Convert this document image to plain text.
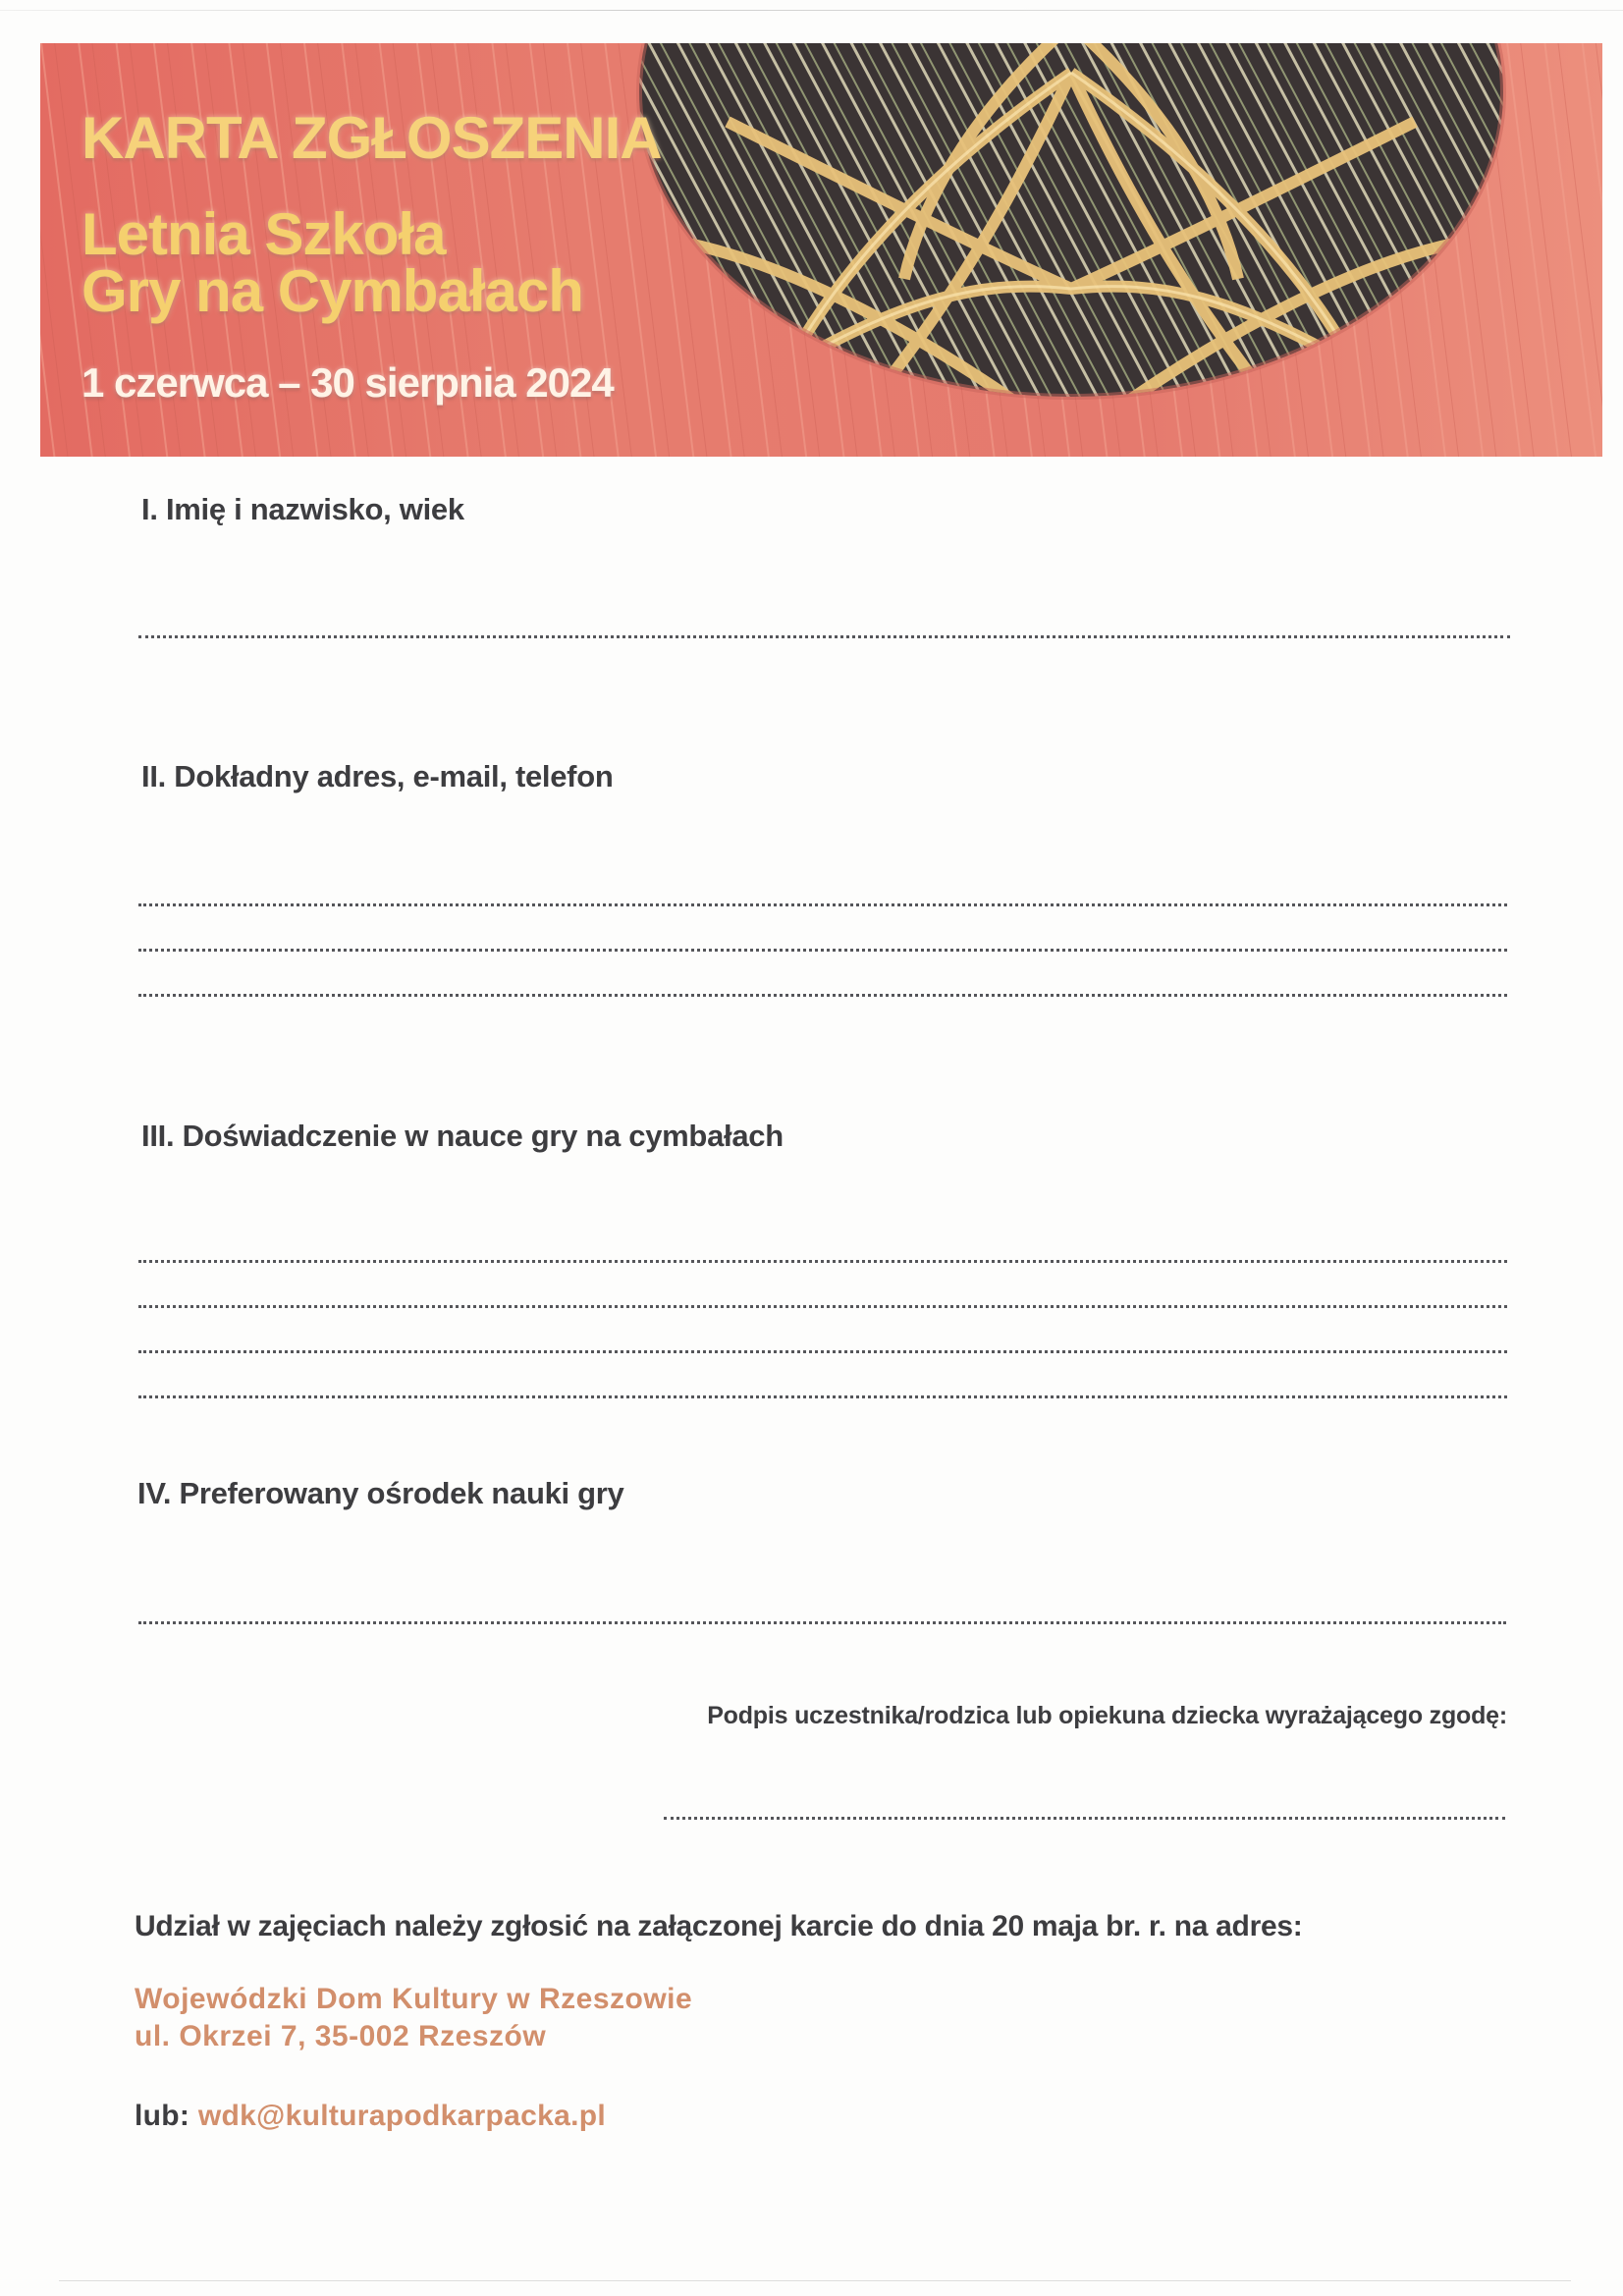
KARTA ZGŁOSZENIA
Letnia Szkoła
Gry na Cymbałach

1 czerwca – 30 sierpnia 2024

I. Imię i nazwisko, wiek
II. Dokładny adres, e-mail, telefon
III. Doświadczenie w nauce gry na cymbałach
IV. Preferowany ośrodek nauki gry

Podpis uczestnika/rodzica lub opiekuna dziecka wyrażającego zgodę:

Udział w zajęciach należy zgłosić na załączonej karcie do dnia 20 maja br. r. na adres:

Wojewódzki Dom Kultury w Rzeszowie
ul. Okrzei 7, 35-002 Rzeszów

lub: wdk@kulturapodkarpacka.pl
